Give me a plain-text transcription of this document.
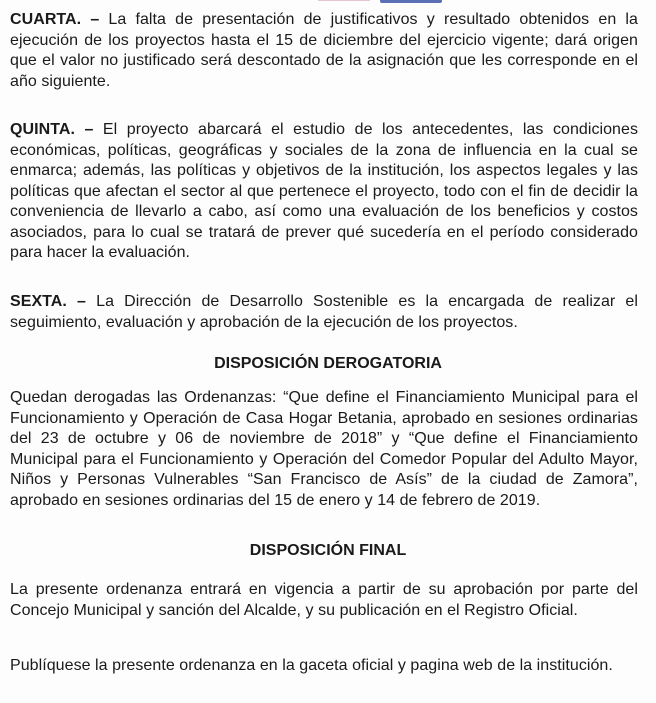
CUARTA. – La falta de presentación de justificativos y resultado obtenidos en la ejecución de los proyectos hasta el 15 de diciembre del ejercicio vigente; dará origen que el valor no justificado será descontado de la asignación que les corresponde en el año siguiente.

QUINTA. – El proyecto abarcará el estudio de los antecedentes, las condiciones económicas, políticas, geográficas y sociales de la zona de influencia en la cual se enmarca; además, las políticas y objetivos de la institución, los aspectos legales y las políticas que afectan el sector al que pertenece el proyecto, todo con el fin de decidir la conveniencia de llevarlo a cabo, así como una evaluación de los beneficios y costos asociados, para lo cual se tratará de prever qué sucedería en el período considerado para hacer la evaluación.

SEXTA. – La Dirección de Desarrollo Sostenible es la encargada de realizar el seguimiento, evaluación y aprobación de la ejecución de los proyectos.

DISPOSICIÓN DEROGATORIA

Quedan derogadas las Ordenanzas: “Que define el Financiamiento Municipal para el Funcionamiento y Operación de Casa Hogar Betania, aprobado en sesiones ordinarias del 23 de octubre y 06 de noviembre de 2018” y “Que define el Financiamiento Municipal para el Funcionamiento y Operación del Comedor Popular del Adulto Mayor, Niños y Personas Vulnerables “San Francisco de Asís” de la ciudad de Zamora”, aprobado en sesiones ordinarias del 15 de enero y 14 de febrero de 2019.

DISPOSICIÓN FINAL

La presente ordenanza entrará en vigencia a partir de su aprobación por parte del Concejo Municipal y sanción del Alcalde, y su publicación en el Registro Oficial.

Publíquese la presente ordenanza en la gaceta oficial y pagina web de la institución.
